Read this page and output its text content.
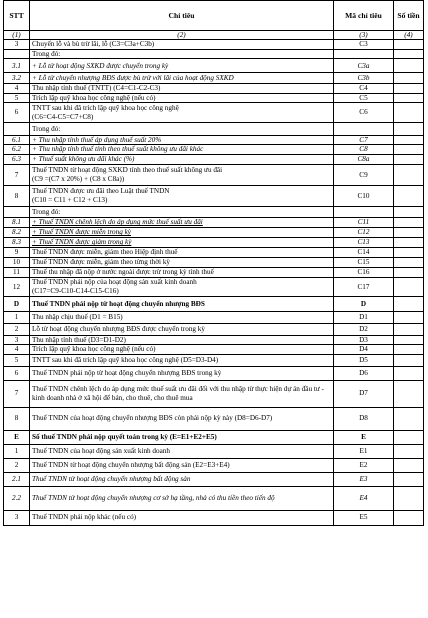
STT	Chỉ tiêu	Mã chỉ tiêu	Số tiền
(1)	(2)	(3)	(4)
3	Chuyển lỗ và bù trừ lãi, lỗ (C3=C3a+C3b)	C3	
	Trong đó:		
3.1	+ Lỗ từ hoạt động SXKD được chuyển trong kỳ	C3a	
3.2	+ Lỗ từ chuyển nhượng BĐS được bù trừ với lãi của hoạt động SXKD	C3b	
4	Thu nhập tính thuế (TNTT) (C4=C1-C2-C3)	C4	
5	Trích lập quỹ khoa học công nghệ (nếu có)	C5	
6	TNTT sau khi đã trích lập quỹ khoa học công nghệ
(C6=C4-C5=C7+C8)	C6	
	Trong đó:		
6.1	+ Thu nhập tính thuế áp dụng thuế suất 20%	C7	
6.2	+ Thu nhập tính thuế tính theo thuế suất không ưu đãi khác	C8	
6.3	+ Thuế suất không ưu đãi khác (%)	C8a	
7	Thuế TNDN từ hoạt động SXKD tính theo thuế suất không ưu đãi
(C9 =(C7 x 20%) + (C8 x C8a))	C9	
8	Thuế TNDN được ưu đãi theo Luật thuế TNDN
(C10 = C11 + C12 + C13)	C10	
	Trong đó:		
8.1	+ Thuế TNDN chênh lệch do áp dụng mức thuế suất ưu đãi	C11	
8.2	+ Thuế TNDN được miễn trong kỳ	C12	
8.3	+ Thuế TNDN được giảm trong kỳ	C13	
9	Thuế TNDN được miễn, giảm theo Hiệp định thuế	C14	
10	Thuế TNDN được miễn, giảm theo từng thời kỳ	C15	
11	Thuế thu nhập đã nộp ở nước ngoài được trừ trong kỳ tính thuế	C16	
12	Thuế TNDN phải nộp của hoạt động sản xuất kinh doanh
(C17=C9-C10-C14-C15-C16)	C17	
D	Thuế TNDN phải nộp từ hoạt động chuyển nhượng BĐS	D	
1	Thu nhập chịu thuế (D1 = B15)	D1	
2	Lỗ từ hoạt động chuyển nhượng BĐS được chuyển trong kỳ	D2	
3	Thu nhập tính thuế (D3=D1-D2)	D3	
4	Trích lập quỹ khoa học công nghệ (nếu có)	D4	
5	TNTT sau khi đã trích lập quỹ khoa học công nghệ (D5=D3-D4)	D5	
6	Thuế TNDN phải nộp từ hoạt động chuyển nhượng BĐS trong kỳ	D6	
7	Thuế TNDN chênh lệch do áp dụng mức thuế suất ưu đãi đối với thu nhập từ thực hiện dự án đầu tư - kinh doanh nhà ở xã hội để bán, cho thuê, cho thuê mua	D7	
8	Thuế TNDN của hoạt động chuyển nhượng BĐS còn phải nộp kỳ này (D8=D6-D7)	D8	
E	Số thuế TNDN phải nộp quyết toán trong kỳ (E=E1+E2+E5)	E	
1	Thuế TNDN của hoạt động sản xuất kinh doanh	E1	
2	Thuế TNDN từ hoạt động chuyển nhượng bất động sản (E2=E3+E4)	E2	
2.1	Thuế TNDN từ hoạt động chuyển nhượng bất động sản	E3	
2.2	Thuế TNDN từ hoạt động chuyển nhượng cơ sở hạ tầng, nhà có thu tiền theo tiến độ	E4	
3	Thuế TNDN phải nộp khác (nếu có)	E5	
